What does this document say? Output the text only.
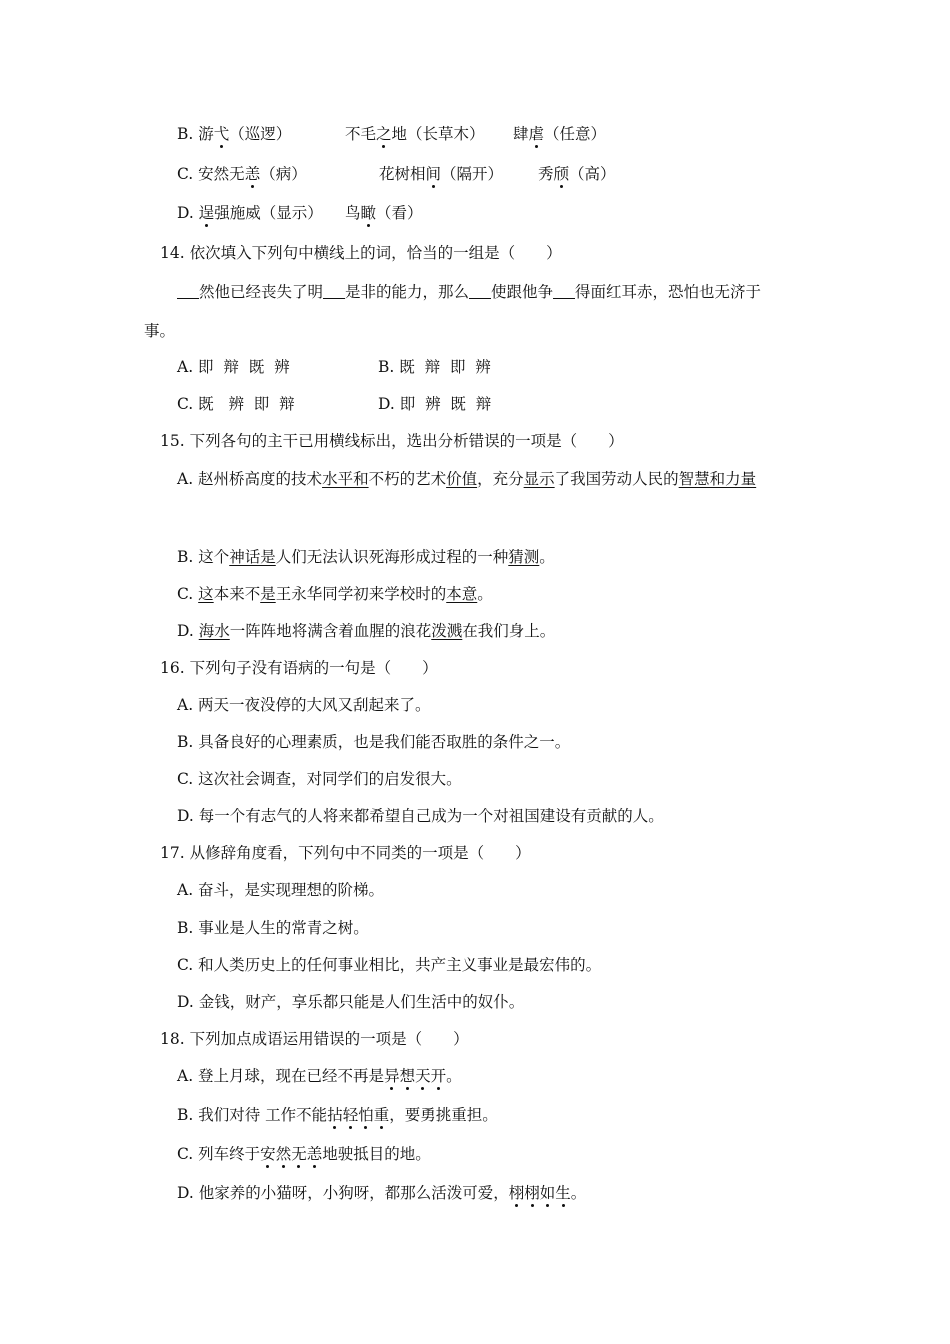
B. 游弋（巡逻）	不毛之地（长草木） 肆虐（任意）
C. 安然无恙（病）	花树相间（隔开） 秀颀（高）
D. 逞强施威（显示） 鸟瞰（看）
14. 依次填入下列句中横线上的词，恰当的一组是（　　）
然他已经丧失了明 是非的能力，那么 使跟他争 得面红耳赤，恐怕也无济于
事。
A. 即  辩  既  辨	B. 既  辩  即  辨
C. 既   辨  即  辩	D. 即  辨  既  辩
15. 下列各句的主干已用横线标出，选出分析错误的一项是（　　）
A. 赵州桥高度的技术水平和不朽的艺术价值，充分显示了我国劳动人民的智慧和力量
B. 这个神话是人们无法认识死海形成过程的一种猜测。
C. 这本来不是王永华同学初来学校时的本意。
D. 海水一阵阵地将满含着血腥的浪花泼溅在我们身上。
16. 下列句子没有语病的一句是（　　）
A. 两天一夜没停的大风又刮起来了。
B. 具备良好的心理素质，也是我们能否取胜的条件之一。
C. 这次社会调查，对同学们的启发很大。
D. 每一个有志气的人将来都希望自己成为一个对祖国建设有贡献的人。
17. 从修辞角度看，下列句中不同类的一项是（　　）
A. 奋斗，是实现理想的阶梯。
B. 事业是人生的常青之树。
C. 和人类历史上的任何事业相比，共产主义事业是最宏伟的。
D. 金钱，财产，享乐都只能是人们生活中的奴仆。
18. 下列加点成语运用错误的一项是（　　）
A. 登上月球，现在已经不再是异想天开。
B. 我们对待 工作不能拈轻怕重，要勇挑重担。
C. 列车终于安然无恙地驶抵目的地。
D. 他家养的小猫呀，小狗呀，都那么活泼可爱，栩栩如生。
